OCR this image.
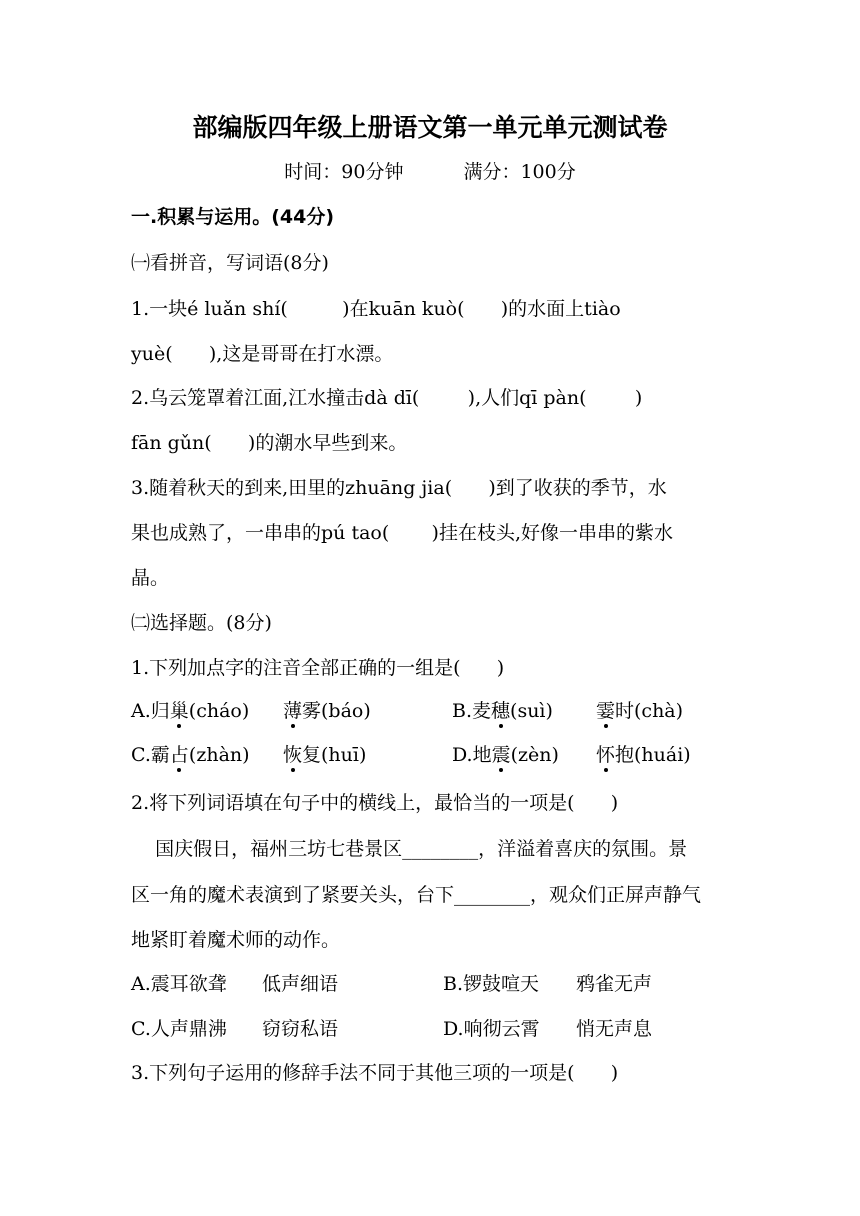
部编版四年级上册语文第一单元单元测试卷
时间：90分钟	满分：100分
一.积累与运用。(44分)
㈠看拼音，写词语(8分)
1.一块é luǎn shí(         )在kuān kuò(      )的水面上tiào
yuè(      ),这是哥哥在打水漂。
2.乌云笼罩着江面,江水撞击dà dī(        ),人们qī pàn(        )
fān gǔn(      )的潮水早些到来。
3.随着秋天的到来,田里的zhuāng jia(      )到了收获的季节，水
果也成熟了，一串串的pú tao(       )挂在枝头,好像一串串的紫水
晶。
㈡选择题。(8分)
1.下列加点字的注音全部正确的一组是(      )
A.归巢(cháo) 薄雾(báo)	B.麦穗(suì) 霎时(chà)
C.霸占(zhàn) 恢复(huī)	D.地震(zèn) 怀抱(huái)
2.将下列词语填在句子中的横线上，最恰当的一项是(      )
国庆假日，福州三坊七巷景区________，洋溢着喜庆的氛围。景
区一角的魔术表演到了紧要关头，台下________，观众们正屏声静气
地紧盯着魔术师的动作。
A.震耳欲聋 低声细语	B.锣鼓喧天 鸦雀无声
C.人声鼎沸 窃窃私语	D.响彻云霄 悄无声息
3.下列句子运用的修辞手法不同于其他三项的一项是(      )
